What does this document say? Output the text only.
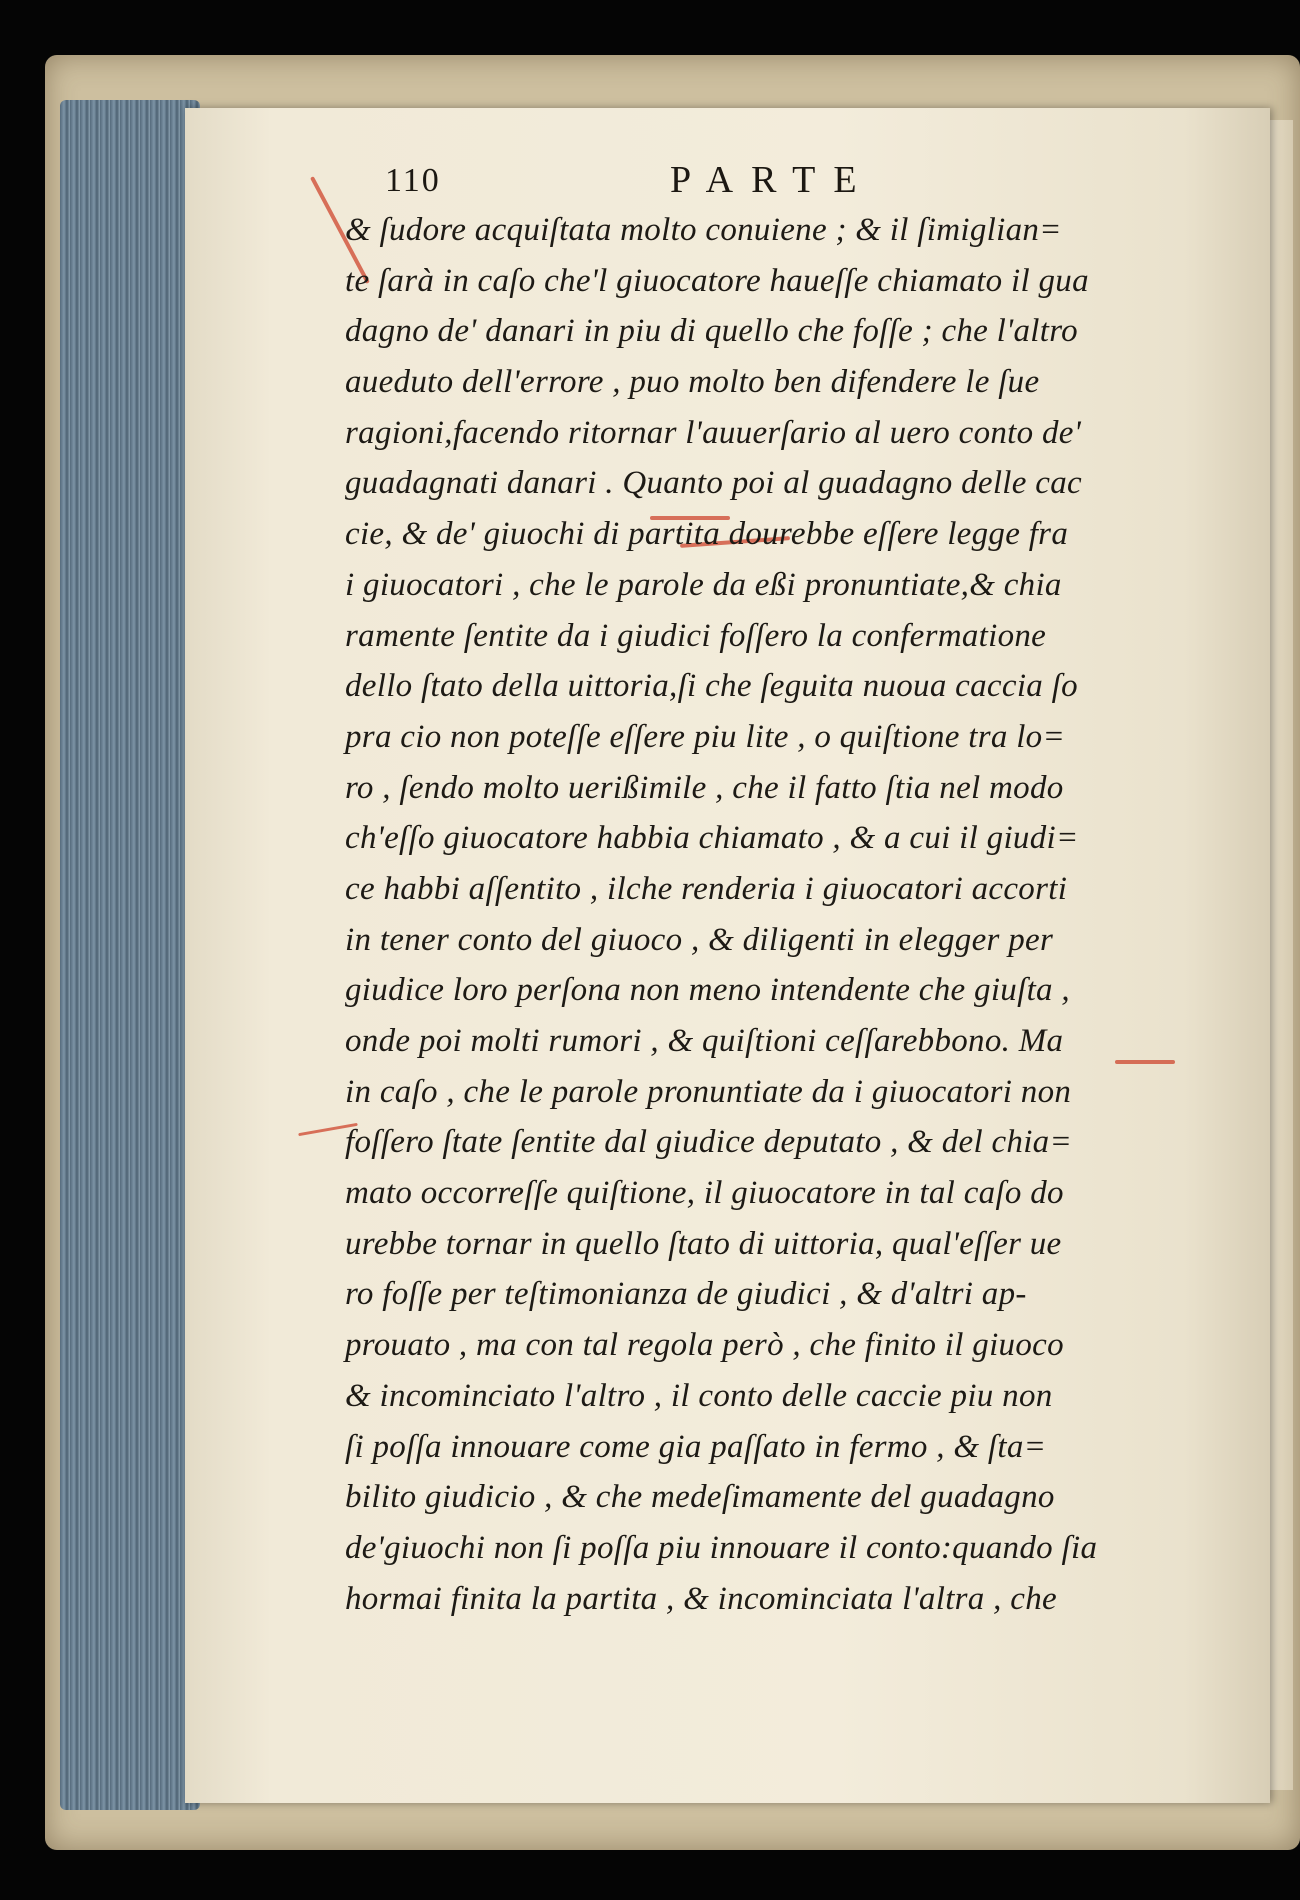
110	PARTE
& ſudore acquiſtata molto conuiene ; & il ſimiglian=
te ſarà in caſo che'l giuocatore haueſſe chiamato il gua
dagno de' danari in piu di quello che foſſe ; che l'altro
aueduto dell'errore , puo molto ben difendere le ſue
ragioni,facendo ritornar l'auuerſario al uero conto de'
guadagnati danari . Quanto poi al guadagno delle cac
cie, & de' giuochi di partita dourebbe eſſere legge fra
i giuocatori , che le parole da eßi pronuntiate,& chia
ramente ſentite da i giudici foſſero la confermatione
dello ſtato della uittoria,ſi che ſeguita nuoua caccia ſo
pra cio non poteſſe eſſere piu lite , o quiſtione tra lo=
ro , ſendo molto uerißimile , che il fatto ſtia nel modo
ch'eſſo giuocatore habbia chiamato , & a cui il giudi=
ce habbi aſſentito , ilche renderia i giuocatori accorti
in tener conto del giuoco , & diligenti in elegger per
giudice loro perſona non meno intendente che giuſta ,
onde poi molti rumori , & quiſtioni ceſſarebbono. Ma
in caſo , che le parole pronuntiate da i giuocatori non
foſſero ſtate ſentite dal giudice deputato , & del chia=
mato occorreſſe quiſtione, il giuocatore in tal caſo do
urebbe tornar in quello ſtato di uittoria, qual'eſſer ue
ro foſſe per teſtimonianza de giudici , & d'altri ap-
prouato , ma con tal regola però , che finito il giuoco
& incominciato l'altro , il conto delle caccie piu non
ſi poſſa innouare come gia paſſato in fermo , & ſta=
bilito giudicio , & che medeſimamente del guadagno
de'giuochi non ſi poſſa piu innouare il conto:quando ſia
hormai finita la partita , & incominciata l'altra , che
